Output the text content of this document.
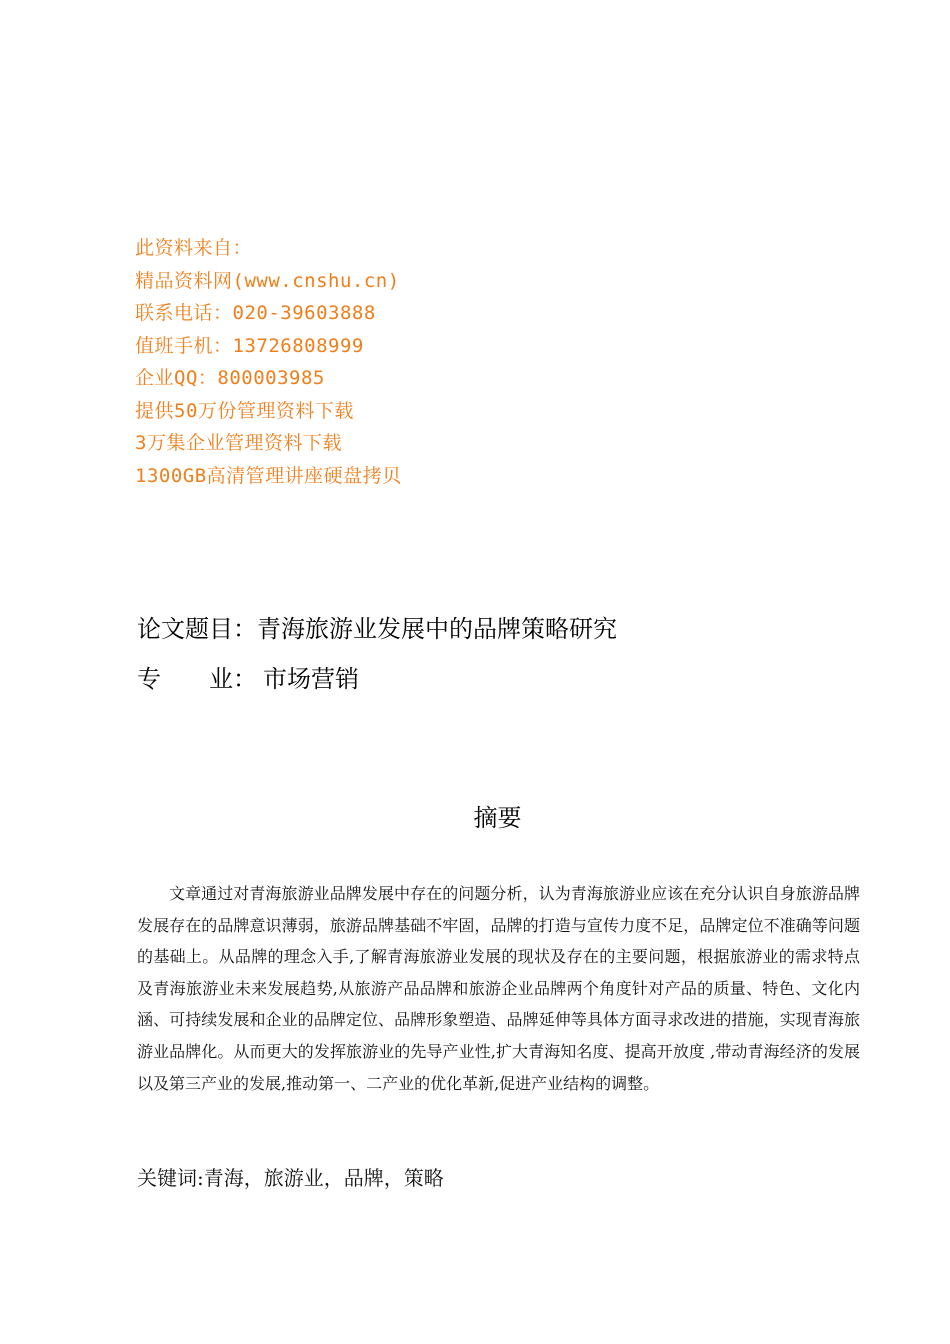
此资料来自：
精品资料网(www.cnshu.cn)
联系电话：020-39603888
值班手机：13726808999
企业QQ：800003985
提供50万份管理资料下载
3万集企业管理资料下载
1300GB高清管理讲座硬盘拷贝
论文题目：青海旅游业发展中的品牌策略研究
专　　业： 市场营销
摘要
文章通过对青海旅游业品牌发展中存在的问题分析，认为青海旅游业应该在充分认识自身旅游品牌发展存在的品牌意识薄弱，旅游品牌基础不牢固，品牌的打造与宣传力度不足，品牌定位不准确等问题的基础上。从品牌的理念入手,了解青海旅游业发展的现状及存在的主要问题，根据旅游业的需求特点及青海旅游业未来发展趋势,从旅游产品品牌和旅游企业品牌两个角度针对产品的质量、特色、文化内涵、可持续发展和企业的品牌定位、品牌形象塑造、品牌延伸等具体方面寻求改进的措施，实现青海旅游业品牌化。从而更大的发挥旅游业的先导产业性,扩大青海知名度、提高开放度 ,带动青海经济的发展以及第三产业的发展,推动第一、二产业的优化革新,促进产业结构的调整。
关键词:青海，旅游业，品牌，策略
